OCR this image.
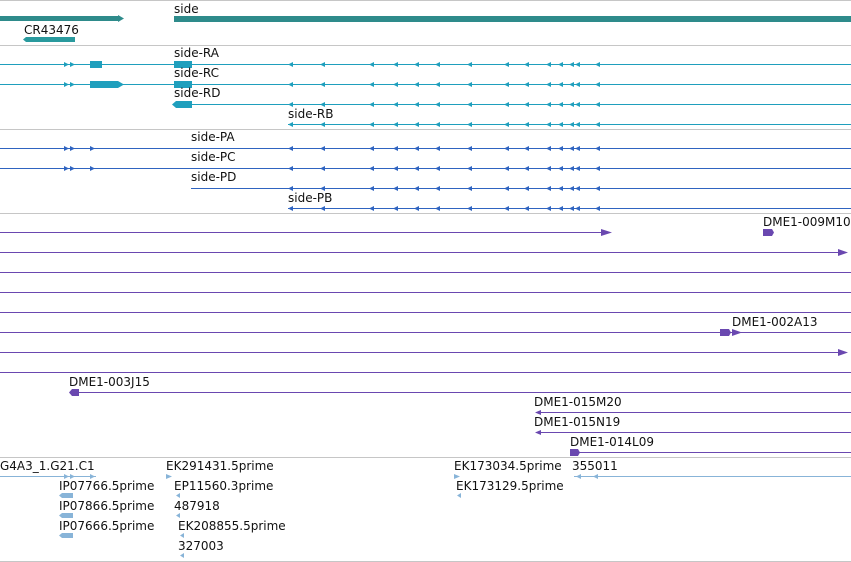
side
CR43476
side-RA
side-RC
side-RD
side-RB
side-PA
side-PC
side-PD
side-PB
DME1-009M10
DME1-002A13
DME1-003J15
DME1-015M20
DME1-015N19
DME1-014L09
G4A3_1.G21.C1
IP07766.5prime
IP07866.5prime
IP07666.5prime
EK291431.5prime
EP11560.3prime
487918
EK208855.5prime
327003
EK173034.5prime
EK173129.5prime
355011
